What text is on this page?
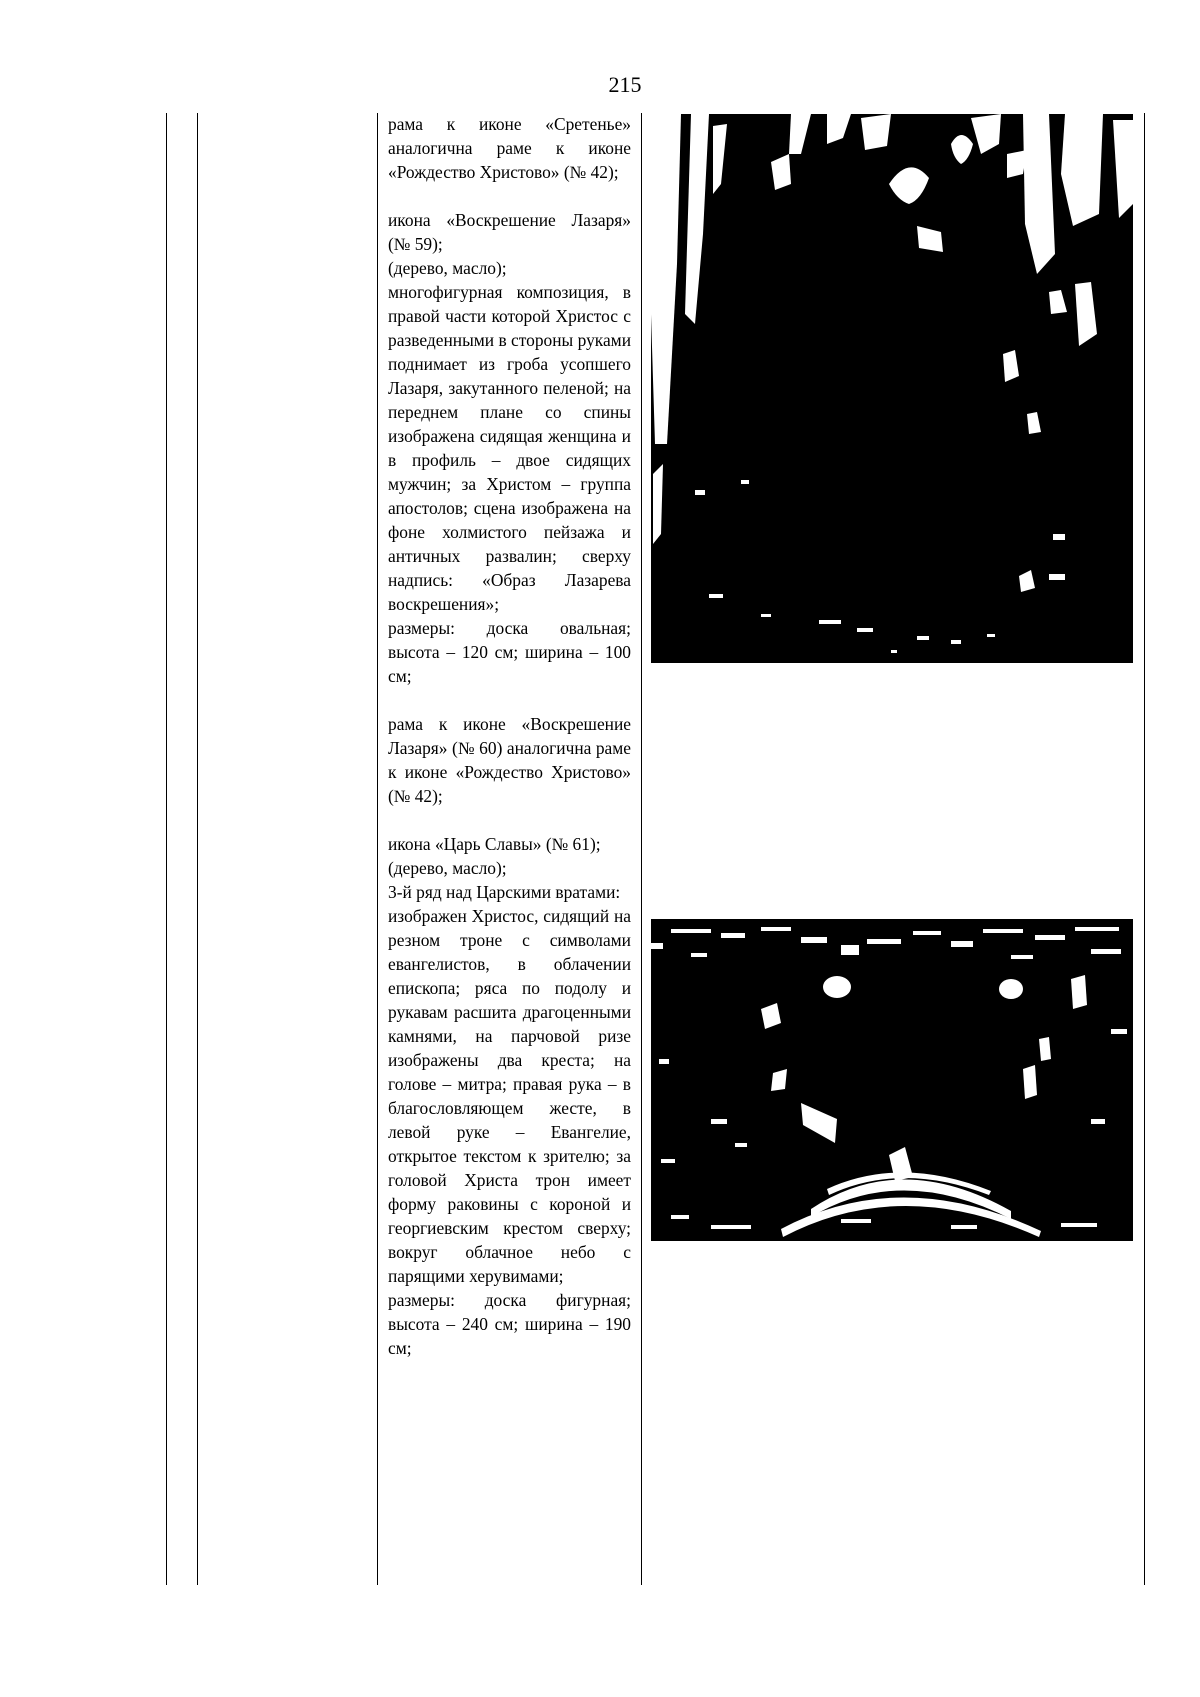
215

рама к иконе «Сретенье» аналогична раме к иконе «Рождество Христово» (№ 42);

икона «Воскрешение Лазаря» (№ 59);

(дерево, масло);

многофигурная композиция, в правой части которой Христос с разведенными в стороны руками поднимает из гроба усопшего Лазаря, закутанного пеленой; на переднем плане со спины изображена сидящая женщина и в профиль – двое сидящих мужчин; за Христом – группа апостолов; сцена изображена на фоне холмистого пейзажа и античных развалин; сверху надпись: «Образ Лазарева воскрешения»;

размеры: доска овальная; высота – 120 см; ширина – 100 см;

рама к иконе «Воскрешение Лазаря» (№ 60) аналогична раме к иконе «Рождество Христово» (№ 42);

икона «Царь Славы» (№ 61);

(дерево, масло);

3-й ряд над Царскими вратами:

изображен Христос, сидящий на резном троне с символами евангелистов, в облачении епископа; ряса по подолу и рукавам расшита драгоценными камнями, на парчовой ризе изображены два креста; на голове – митра; правая рука – в благословляющем жесте, в левой руке – Евангелие, открытое текстом к зрителю; за головой Христа трон имеет форму раковины с короной и георгиевским крестом сверху; вокруг облачное небо с парящими херувимами;

размеры: доска фигурная; высота – 240 см; ширина – 190 см;
